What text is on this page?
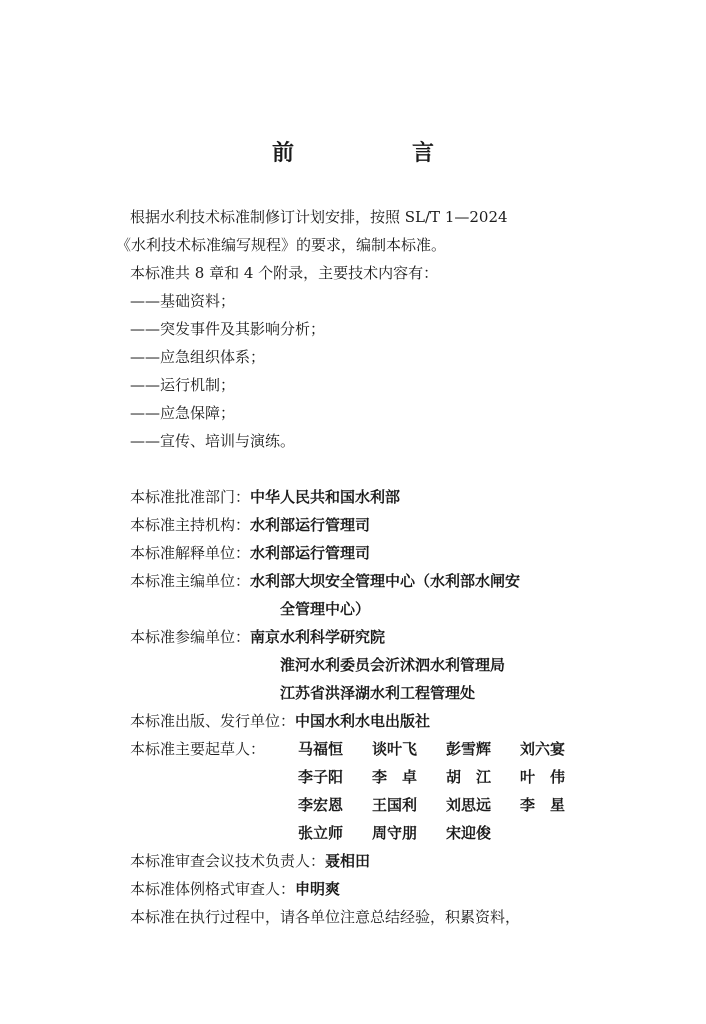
前　言
根据水利技术标准制修订计划安排，按照 SL/T 1—2024
《水利技术标准编写规程》的要求，编制本标准。
本标准共 8 章和 4 个附录，主要技术内容有：
——基础资料；
——突发事件及其影响分析；
——应急组织体系；
——运行机制；
——应急保障；
——宣传、培训与演练。
本标准批准部门：中华人民共和国水利部
本标准主持机构：水利部运行管理司
本标准解释单位：水利部运行管理司
本标准主编单位：水利部大坝安全管理中心（水利部水闸安
全管理中心）
本标准参编单位：南京水利科学研究院
淮河水利委员会沂沭泗水利管理局
江苏省洪泽湖水利工程管理处
本标准出版、发行单位：中国水利水电出版社
本标准主要起草人： 马福恒 谈叶飞 彭雪辉 刘六宴
李子阳 李　卓 胡　江 叶　伟
李宏恩 王国利 刘思远 李　星
张立师 周守朋 宋迎俊
本标准审查会议技术负责人：聂相田
本标准体例格式审查人：申明爽
本标准在执行过程中，请各单位注意总结经验，积累资料，
